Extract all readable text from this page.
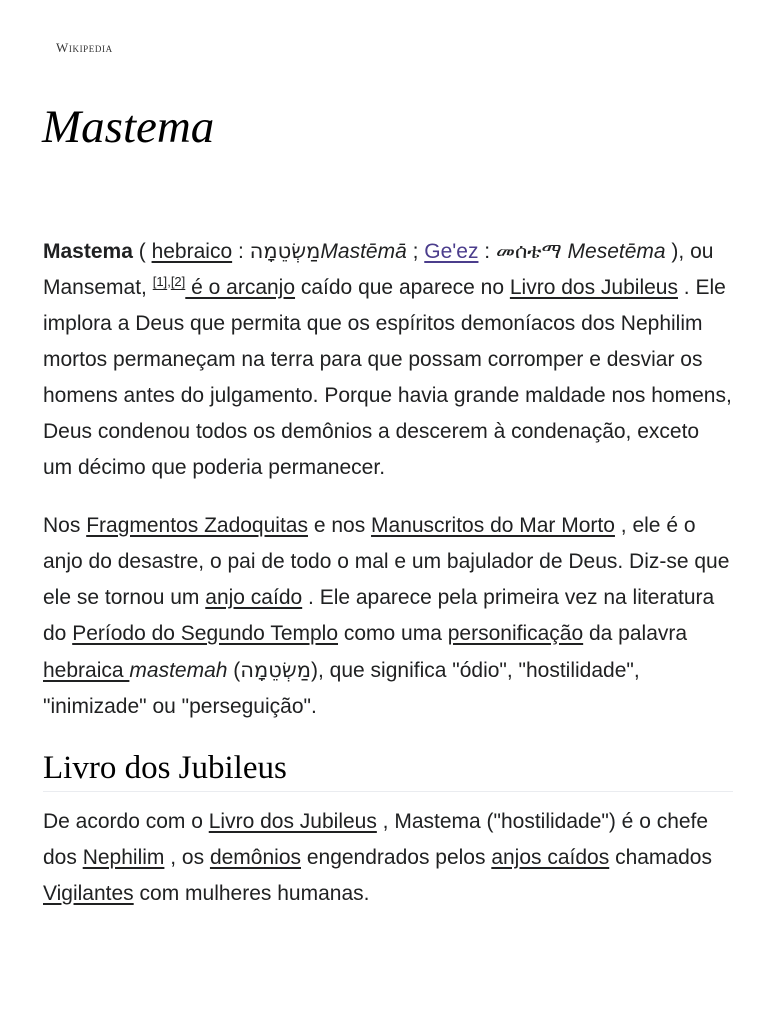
Wikipedia
Mastema

Mastema ( hebraico : מַשְׂטֵמָהMastēmā ; Ge'ez : መሰቴማ Mesetēma ), ou Mansemat, [1],[2] é o arcanjo caído que aparece no Livro dos Jubileus . Ele implora a Deus que permita que os espíritos demoníacos dos Nephilim mortos permaneçam na terra para que possam corromper e desviar os homens antes do julgamento. Porque havia grande maldade nos homens, Deus condenou todos os demônios a descerem à condenação, exceto um décimo que poderia permanecer.

Nos Fragmentos Zadoquitas e nos Manuscritos do Mar Morto , ele é o anjo do desastre, o pai de todo o mal e um bajulador de Deus. Diz-se que ele se tornou um anjo caído . Ele aparece pela primeira vez na literatura do Período do Segundo Templo como uma personificação da palavra hebraica mastemah (מַשְׂטֵמָה), que significa "ódio", "hostilidade", "inimizade" ou "perseguição".

Livro dos Jubileus

De acordo com o Livro dos Jubileus , Mastema ("hostilidade") é o chefe dos Nephilim , os demônios engendrados pelos anjos caídos chamados Vigilantes com mulheres humanas.
